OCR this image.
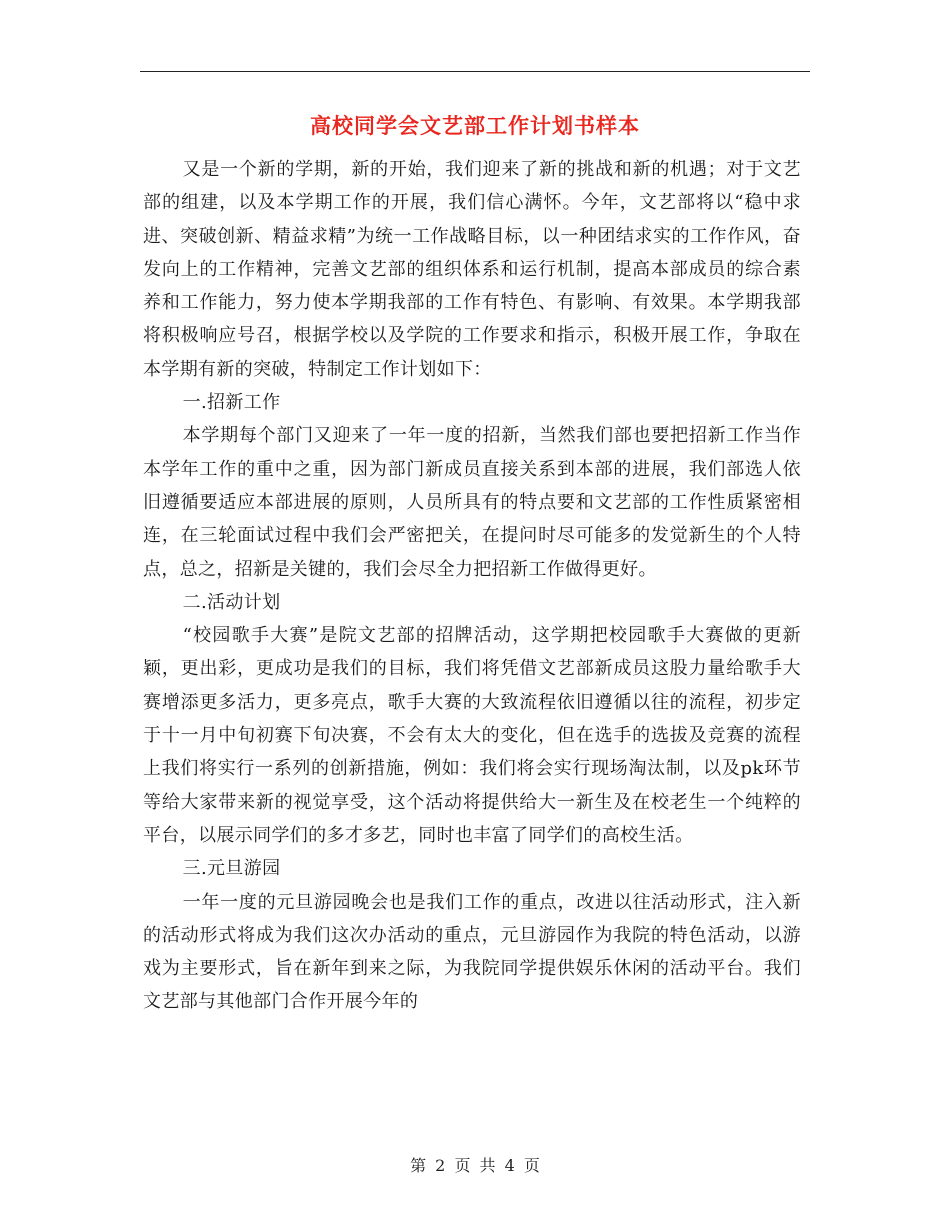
高校同学会文艺部工作计划书样本

又是一个新的学期，新的开始，我们迎来了新的挑战和新的机遇；对于文艺部的组建，以及本学期工作的开展，我们信心满怀。今年，文艺部将以“稳中求进、突破创新、精益求精”为统一工作战略目标，以一种团结求实的工作作风，奋发向上的工作精神，完善文艺部的组织体系和运行机制，提高本部成员的综合素养和工作能力，努力使本学期我部的工作有特色、有影响、有效果。本学期我部将积极响应号召，根据学校以及学院的工作要求和指示，积极开展工作，争取在本学期有新的突破，特制定工作计划如下：

一.招新工作

本学期每个部门又迎来了一年一度的招新，当然我们部也要把招新工作当作本学年工作的重中之重，因为部门新成员直接关系到本部的进展，我们部选人依旧遵循要适应本部进展的原则，人员所具有的特点要和文艺部的工作性质紧密相连，在三轮面试过程中我们会严密把关，在提问时尽可能多的发觉新生的个人特点，总之，招新是关键的，我们会尽全力把招新工作做得更好。

二.活动计划

“校园歌手大赛”是院文艺部的招牌活动，这学期把校园歌手大赛做的更新颖，更出彩，更成功是我们的目标，我们将凭借文艺部新成员这股力量给歌手大赛增添更多活力，更多亮点，歌手大赛的大致流程依旧遵循以往的流程，初步定于十一月中旬初赛下旬决赛，不会有太大的变化，但在选手的选拔及竞赛的流程上我们将实行一系列的创新措施，例如：我们将会实行现场淘汰制，以及pk环节等给大家带来新的视觉享受，这个活动将提供给大一新生及在校老生一个纯粹的平台，以展示同学们的多才多艺，同时也丰富了同学们的高校生活。

三.元旦游园

一年一度的元旦游园晚会也是我们工作的重点，改进以往活动形式，注入新的活动形式将成为我们这次办活动的重点，元旦游园作为我院的特色活动，以游戏为主要形式，旨在新年到来之际，为我院同学提供娱乐休闲的活动平台。我们文艺部与其他部门合作开展今年的

第 2 页 共 4 页
